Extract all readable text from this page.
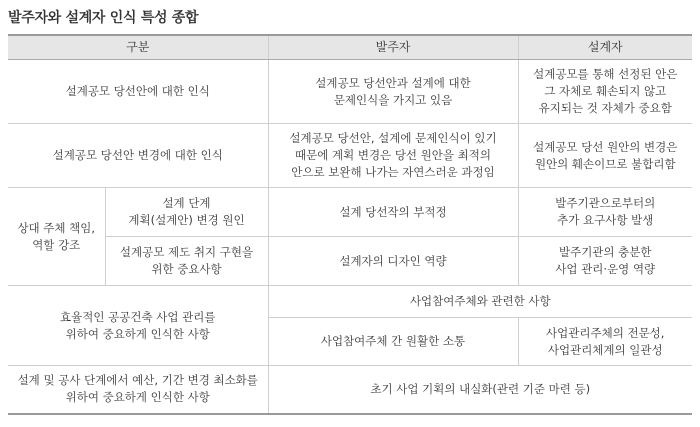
발주자와 설계자 인식 특성 종합
구분		발주자	설계자
설계공모 당선안에 대한 인식		설계공모 당선안과 설계에 대한
문제인식을 가지고 있음	설계공모를 통해 선정된 안은
그 자체로 훼손되지 않고
유지되는 것 자체가 중요함
설계공모 당선안 변경에 대한 인식		설계공모 당선안, 설계에 문제인식이 있기
때문에 계획 변경은 당선 원안을 최적의
안으로 보완해 나가는 자연스러운 과정임	설계공모 당선 원안의 변경은
원안의 훼손이므로 불합리함
상대 주체 책임,
역할 강조	설계 단계
계획(설계안) 변경 원인	설계 당선작의 부적정	발주기관으로부터의
추가 요구사항 발생
	설계공모 제도 취지 구현을
위한 중요사항	설계자의 디자인 역량	발주기관의 충분한
사업 관리·운영 역량
효율적인 공공건축 사업 관리를
위하여 중요하게 인식한 사항		사업참여주체와 관련한 사항	
		사업참여주체 간 원활한 소통	사업관리주체의 전문성,
사업관리체계의 일관성
설계 및 공사 단계에서 예산, 기간 변경 최소화를
위하여 중요하게 인식한 사항		초기 사업 기획의 내실화(관련 기준 마련 등)	
